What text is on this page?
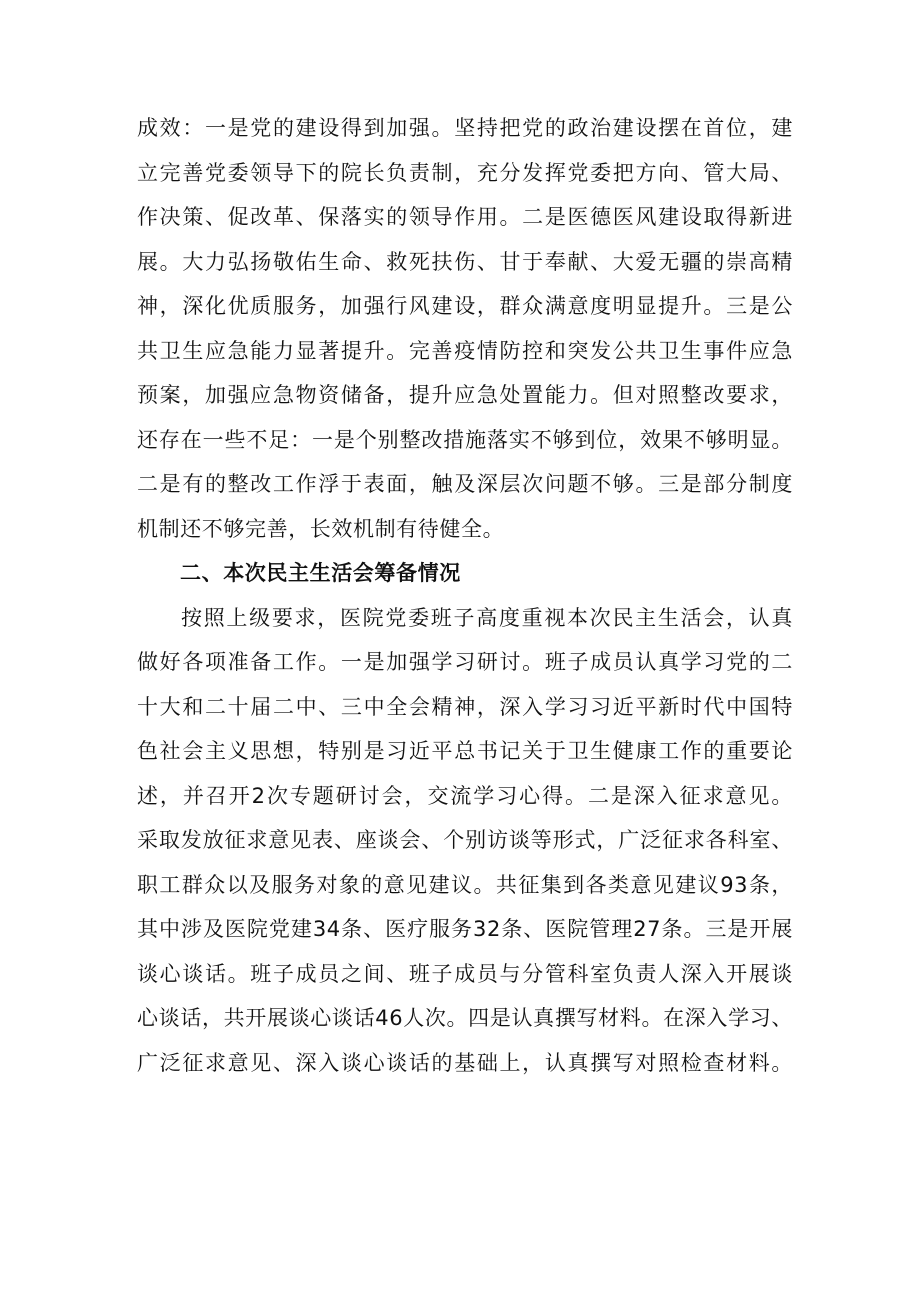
成效：一是党的建设得到加强。坚持把党的政治建设摆在首位，建
立完善党委领导下的院长负责制，充分发挥党委把方向、管大局、
作决策、促改革、保落实的领导作用。二是医德医风建设取得新进
展。大力弘扬敬佑生命、救死扶伤、甘于奉献、大爱无疆的崇高精
神，深化优质服务，加强行风建设，群众满意度明显提升。三是公
共卫生应急能力显著提升。完善疫情防控和突发公共卫生事件应急
预案，加强应急物资储备，提升应急处置能力。但对照整改要求，
还存在一些不足：一是个别整改措施落实不够到位，效果不够明显。
二是有的整改工作浮于表面，触及深层次问题不够。三是部分制度
机制还不够完善，长效机制有待健全。
二、本次民主生活会筹备情况
按照上级要求，医院党委班子高度重视本次民主生活会，认真
做好各项准备工作。一是加强学习研讨。班子成员认真学习党的二
十大和二十届二中、三中全会精神，深入学习习近平新时代中国特
色社会主义思想，特别是习近平总书记关于卫生健康工作的重要论
述，并召开2次专题研讨会，交流学习心得。二是深入征求意见。
采取发放征求意见表、座谈会、个别访谈等形式，广泛征求各科室、
职工群众以及服务对象的意见建议。共征集到各类意见建议93条，
其中涉及医院党建34条、医疗服务32条、医院管理27条。三是开展
谈心谈话。班子成员之间、班子成员与分管科室负责人深入开展谈
心谈话，共开展谈心谈话46人次。四是认真撰写材料。在深入学习、
广泛征求意见、深入谈心谈话的基础上，认真撰写对照检查材料。
